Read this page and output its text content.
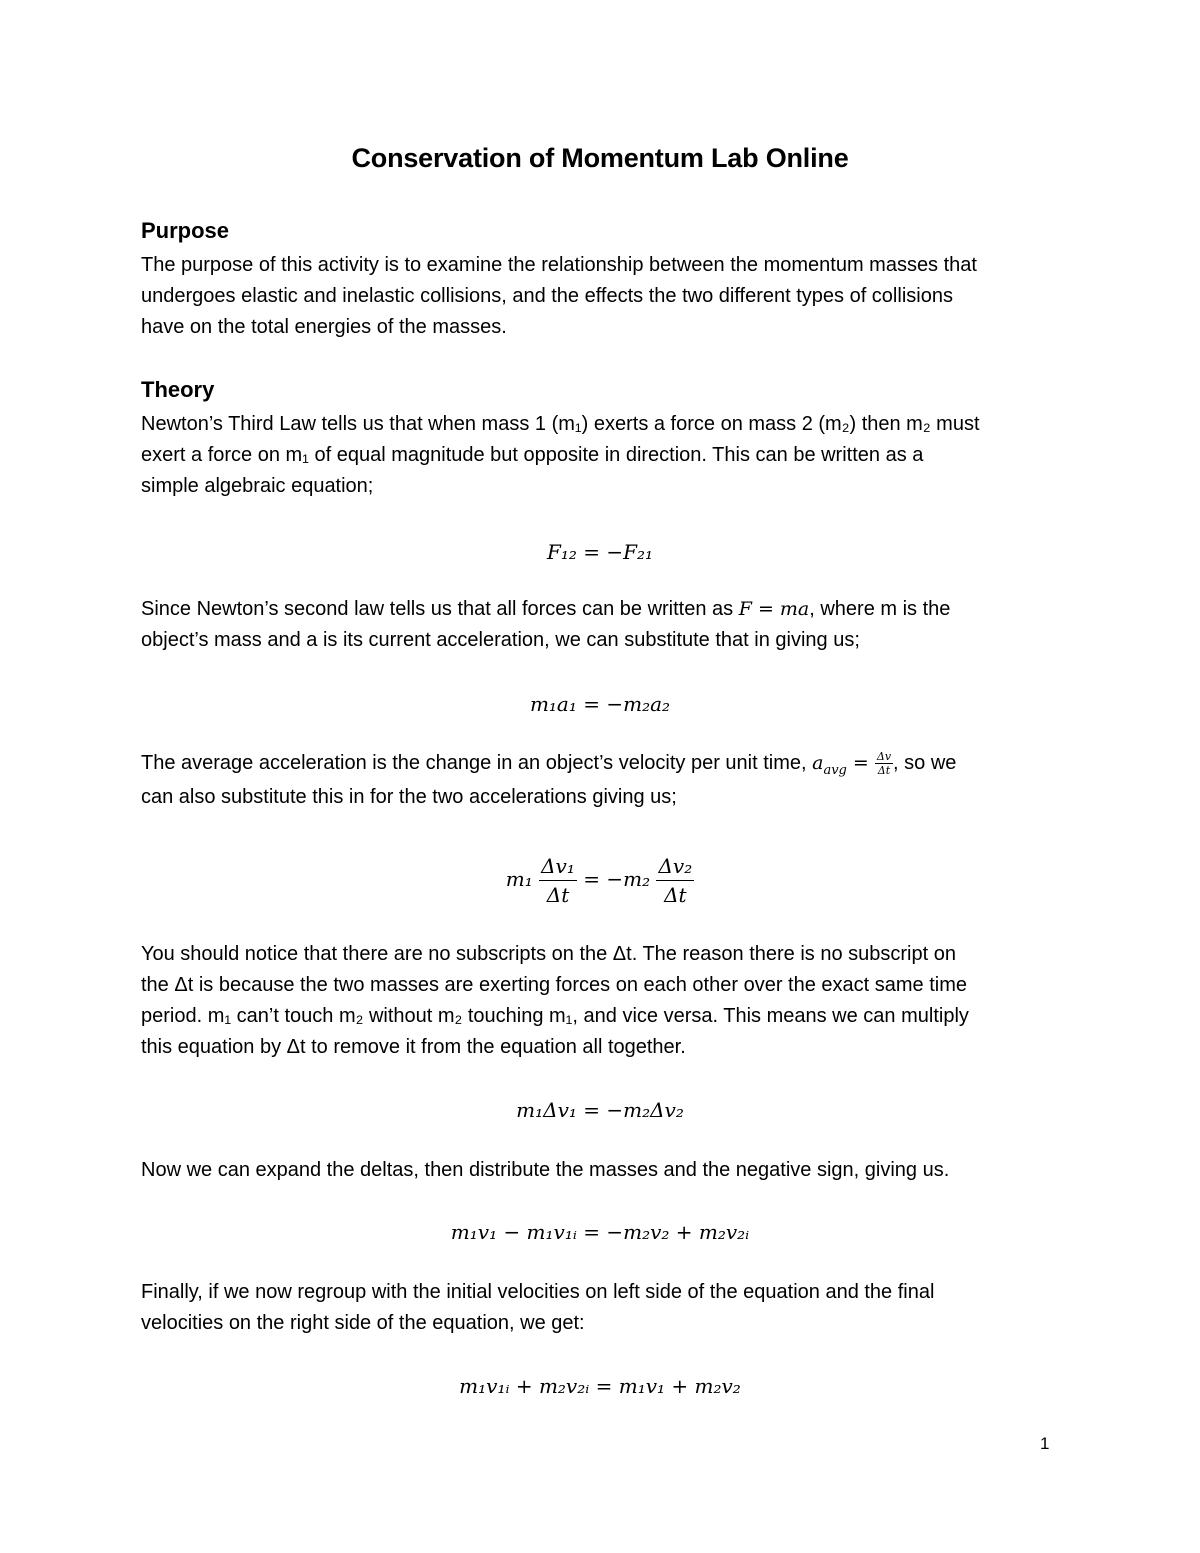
Conservation of Momentum Lab Online
Purpose
The purpose of this activity is to examine the relationship between the momentum masses that
undergoes elastic and inelastic collisions, and the effects the two different types of collisions
have on the total energies of the masses.
Theory
Newton’s Third Law tells us that when mass 1 (m₁) exerts a force on mass 2 (m₂) then m₂ must
exert a force on m₁ of equal magnitude but opposite in direction. This can be written as a
simple algebraic equation;
F₁₂ = −F₂₁
Since Newton’s second law tells us that all forces can be written as F = ma, where m is the
object’s mass and a is its current acceleration, we can substitute that in giving us;
m₁a₁ = −m₂a₂
The average acceleration is the change in an object’s velocity per unit time, $a_{avg} = \frac{\Delta v}{\Delta t}$ , so we
can also substitute this in for the two accelerations giving us;
$m_1 \frac{\text{Δv₁}}{\Delta t} = -m_2 \frac{\text{Δv₂}}{\Delta t}$
You should notice that there are no subscripts on the Δt. The reason there is no subscript on
the Δt is because the two masses are exerting forces on each other over the exact same time
period. m₁ can’t touch m₂ without m₂ touching m₁, and vice versa. This means we can multiply
this equation by Δt to remove it from the equation all together.
m₁Δv₁ = −m₂Δv₂
Now we can expand the deltas, then distribute the masses and the negative sign, giving us.
m₁v₁ − m₁v₁ᵢ = −m₂v₂ + m₂v₂ᵢ
Finally, if we now regroup with the initial velocities on left side of the equation and the final
velocities on the right side of the equation, we get:
m₁v₁ᵢ + m₂v₂ᵢ = m₁v₁ + m₂v₂
1
